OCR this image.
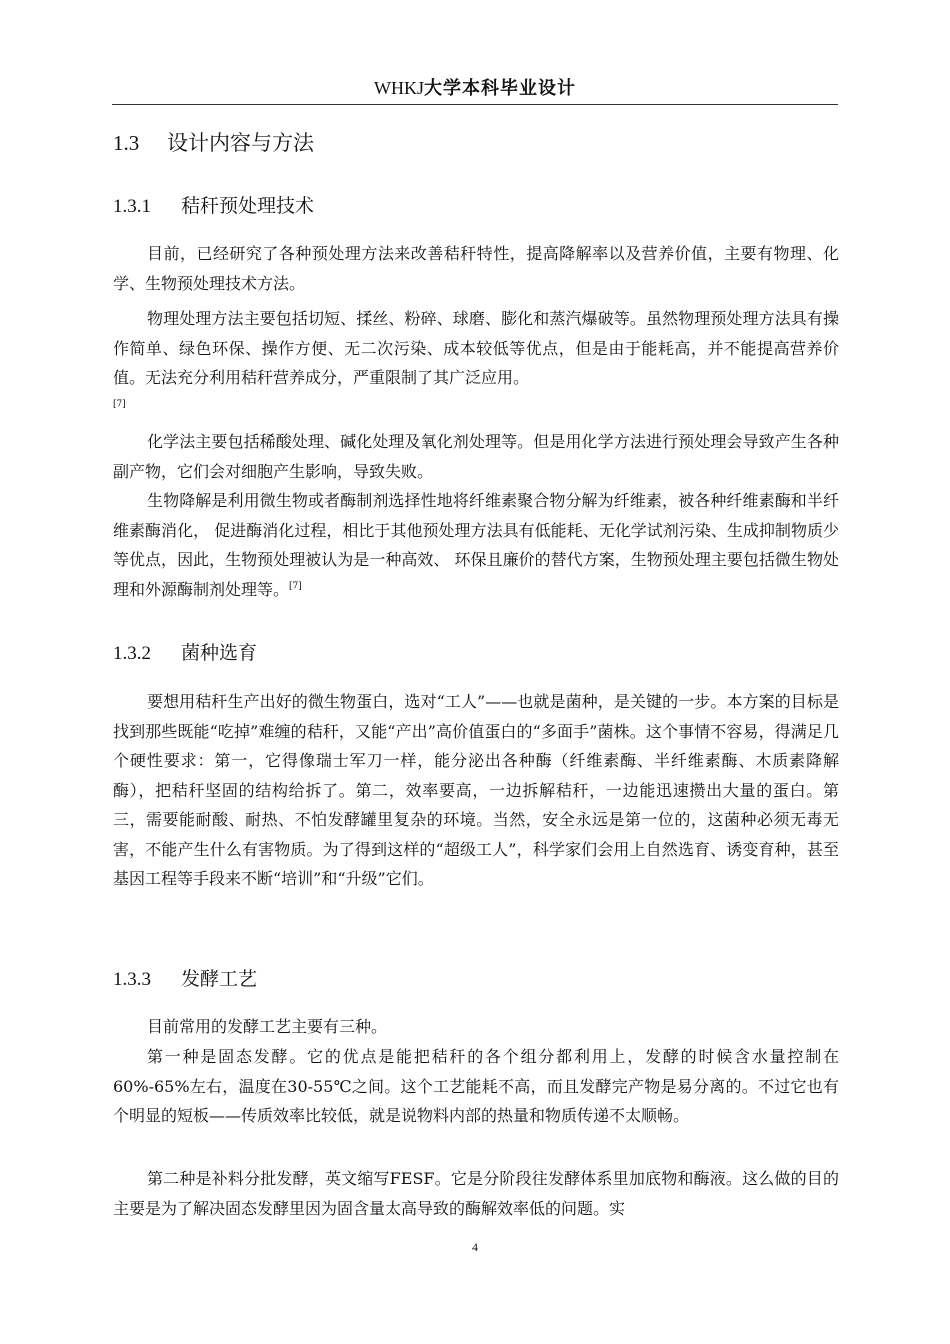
WHKJ大学本科毕业设计
1.3 设计内容与方法
1.3.1 秸秆预处理技术

目前，已经研究了各种预处理方法来改善秸秆特性，提高降解率以及营养价值，主要有物理、化学、生物预处理技术方法。

物理处理方法主要包括切短、揉丝、粉碎、球磨、膨化和蒸汽爆破等。虽然物理预处理方法具有操作简单、绿色环保、操作方便、无二次污染、成本较低等优点，但是由于能耗高，并不能提高营养价值。无法充分利用秸秆营养成分，严重限制了其广泛应用。
[7]

化学法主要包括稀酸处理、碱化处理及氧化剂处理等。但是用化学方法进行预处理会导致产生各种副产物，它们会对细胞产生影响，导致失败。

生物降解是利用微生物或者酶制剂选择性地将纤维素聚合物分解为纤维素，被各种纤维素酶和半纤维素酶消化， 促进酶消化过程，相比于其他预处理方法具有低能耗、无化学试剂污染、生成抑制物质少等优点，因此，生物预处理被认为是一种高效、 环保且廉价的替代方案，生物预处理主要包括微生物处理和外源酶制剂处理等。[7]

1.3.2 菌种选育

要想用秸秆生产出好的微生物蛋白，选对“工人”——也就是菌种，是关键的一步。本方案的目标是找到那些既能“吃掉”难缠的秸秆，又能“产出”高价值蛋白的“多面手”菌株。这个事情不容易，得满足几个硬性要求：第一，它得像瑞士军刀一样，能分泌出各种酶（纤维素酶、半纤维素酶、木质素降解酶），把秸秆坚固的结构给拆了。第二，效率要高，一边拆解秸秆，一边能迅速攒出大量的蛋白。第三，需要能耐酸、耐热、不怕发酵罐里复杂的环境。当然，安全永远是第一位的，这菌种必须无毒无害，不能产生什么有害物质。为了得到这样的“超级工人”，科学家们会用上自然选育、诱变育种，甚至基因工程等手段来不断“培训”和“升级”它们。

1.3.3 发酵工艺

目前常用的发酵工艺主要有三种。

第一种是固态发酵。它的优点是能把秸秆的各个组分都利用上，发酵的时候含水量控制在60%-65%左右，温度在30-55℃之间。这个工艺能耗不高，而且发酵完产物是易分离的。不过它也有个明显的短板——传质效率比较低，就是说物料内部的热量和物质传递不太顺畅。

第二种是补料分批发酵，英文缩写FESF。它是分阶段往发酵体系里加底物和酶液。这么做的目的主要是为了解决固态发酵里因为固含量太高导致的酶解效率低的问题。实

4
